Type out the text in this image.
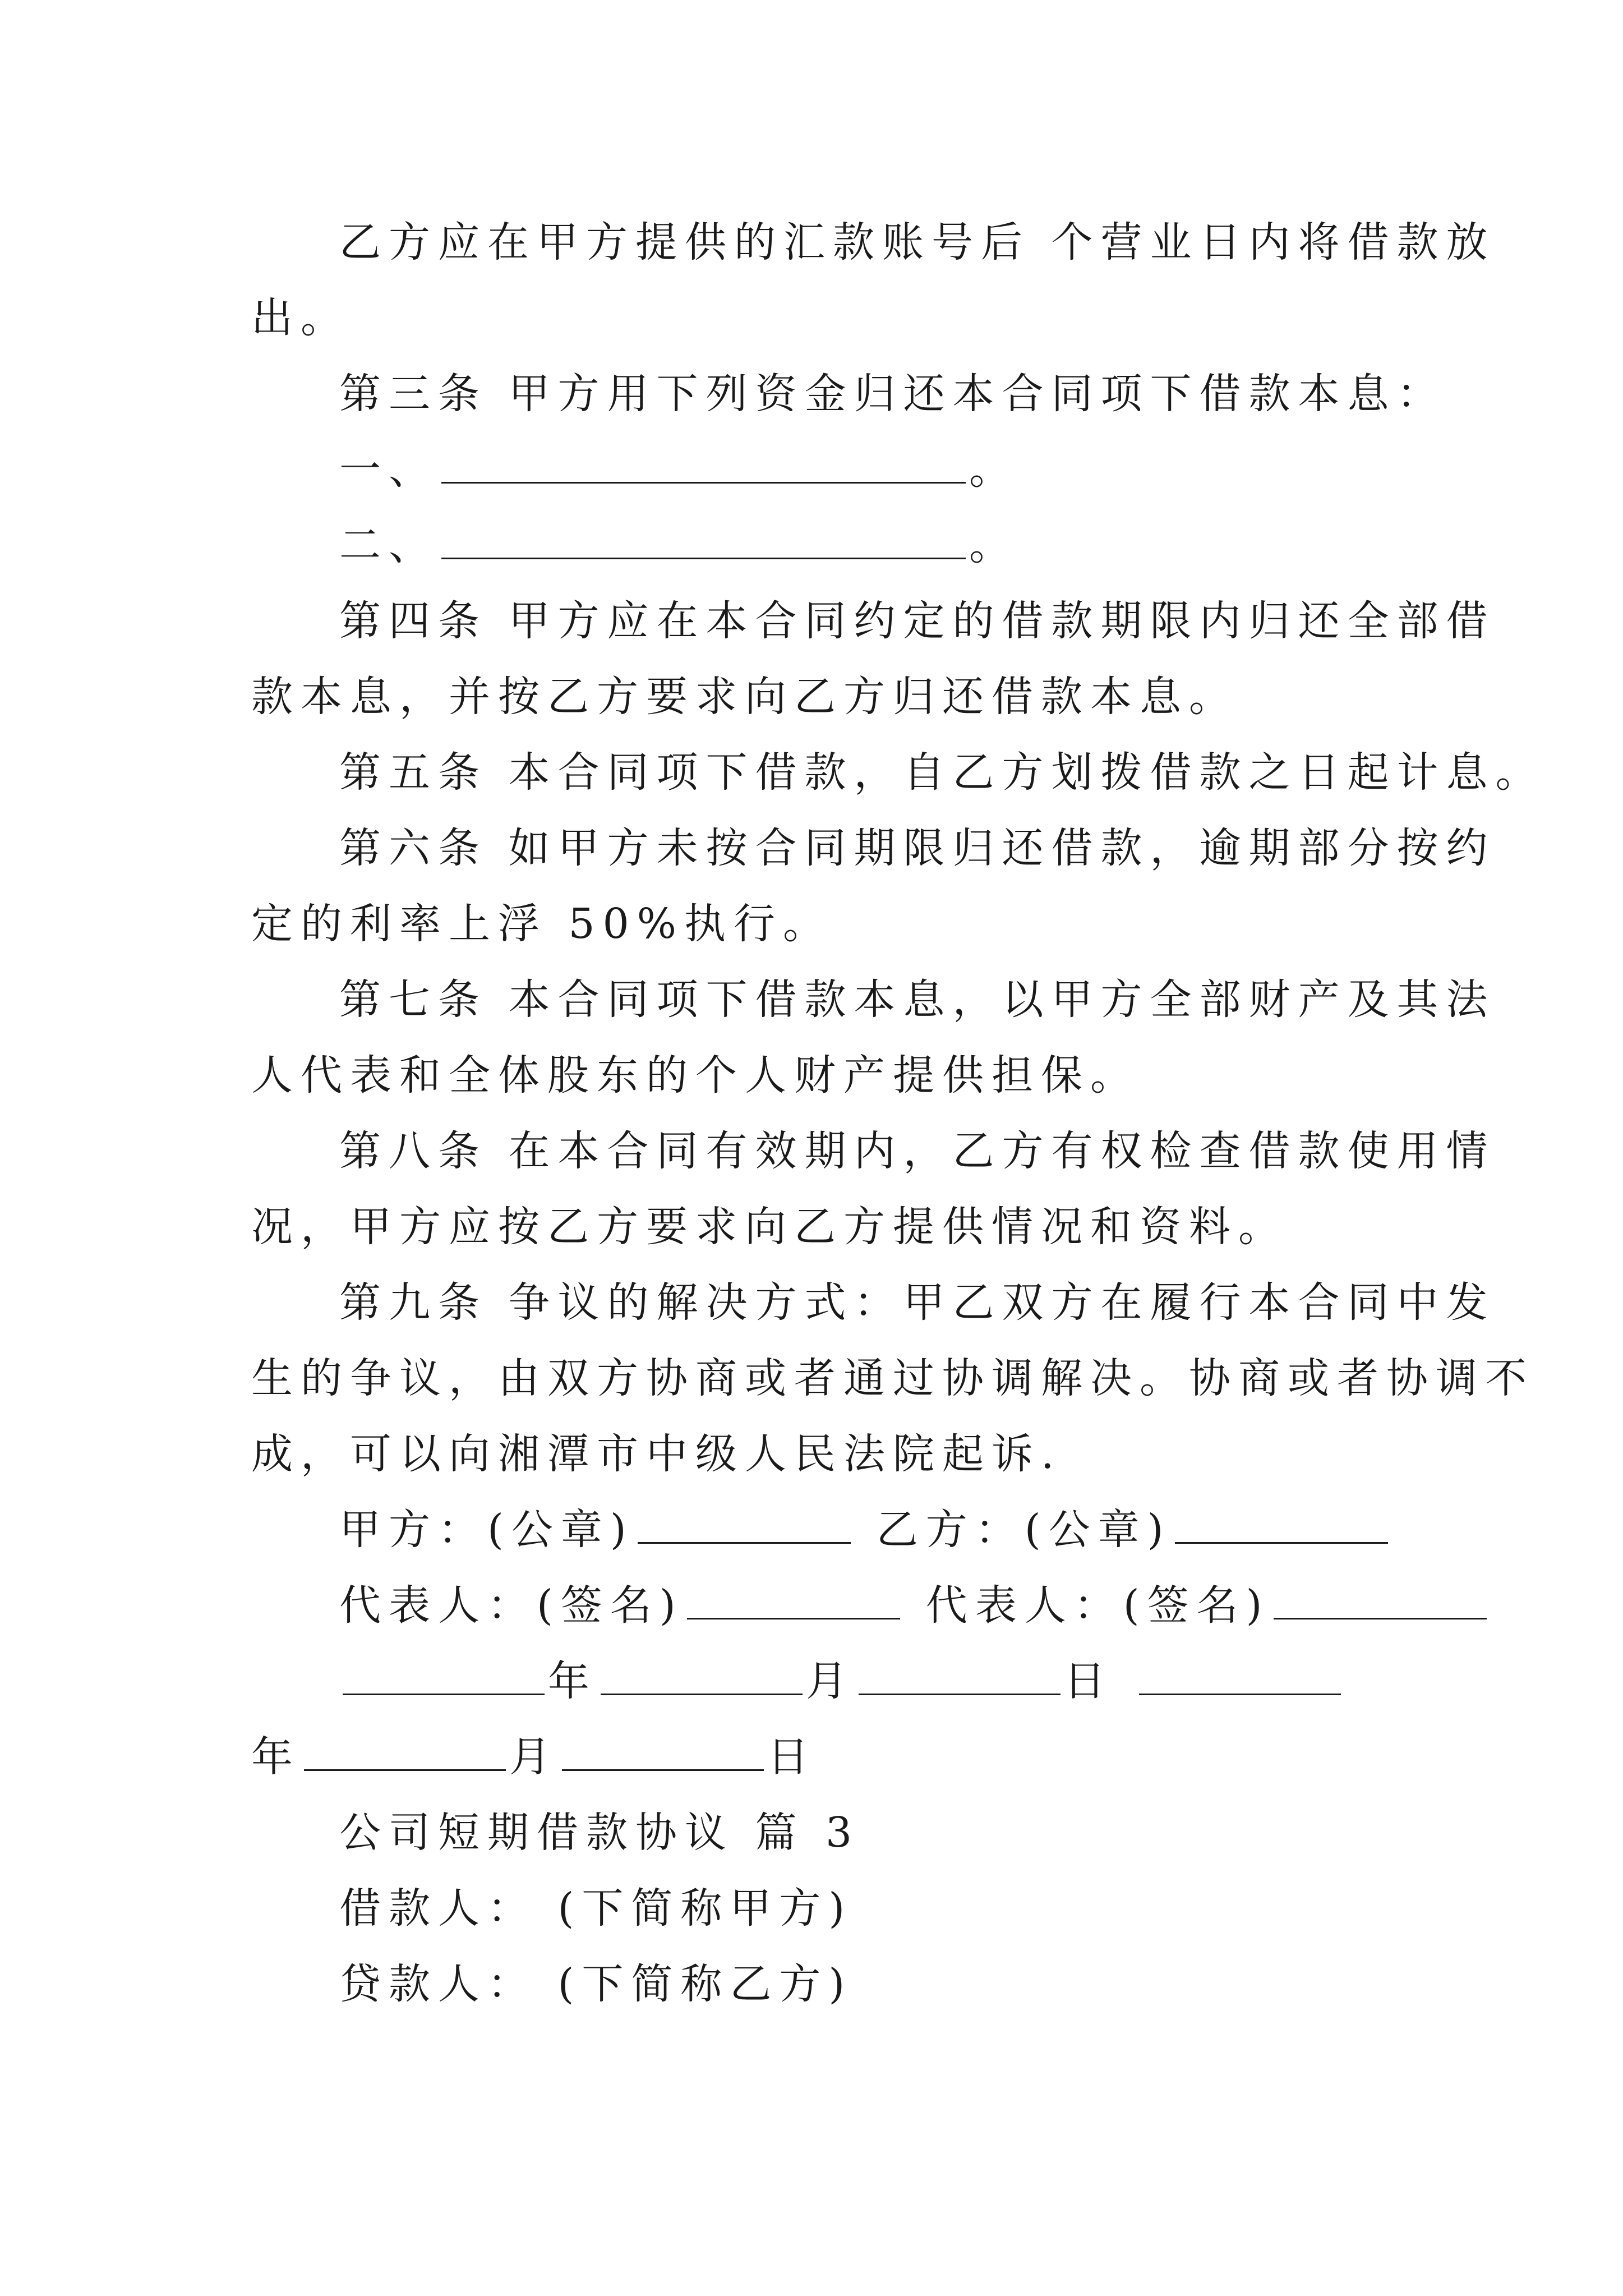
乙方应在甲方提供的汇款账号后 个营业日内将借款放
出。
第三条 甲方用下列资金归还本合同项下借款本息：
一、	。
二、	。
第四条 甲方应在本合同约定的借款期限内归还全部借
款本息，并按乙方要求向乙方归还借款本息。
第五条 本合同项下借款，自乙方划拨借款之日起计息。
第六条 如甲方未按合同期限归还借款，逾期部分按约
定的利率上浮 50%执行。
第七条 本合同项下借款本息，以甲方全部财产及其法
人代表和全体股东的个人财产提供担保。
第八条 在本合同有效期内，乙方有权检查借款使用情
况，甲方应按乙方要求向乙方提供情况和资料。
第九条 争议的解决方式：甲乙双方在履行本合同中发
生的争议，由双方协商或者通过协调解决。协商或者协调不
成，可以向湘潭市中级人民法院起诉.
甲方：(公章)	乙方：(公章)
代表人：(签名)	代表人：(签名)
年	月	日
年	月	日
公司短期借款协议 篇 3
借款人： (下简称甲方)
贷款人： (下简称乙方)
